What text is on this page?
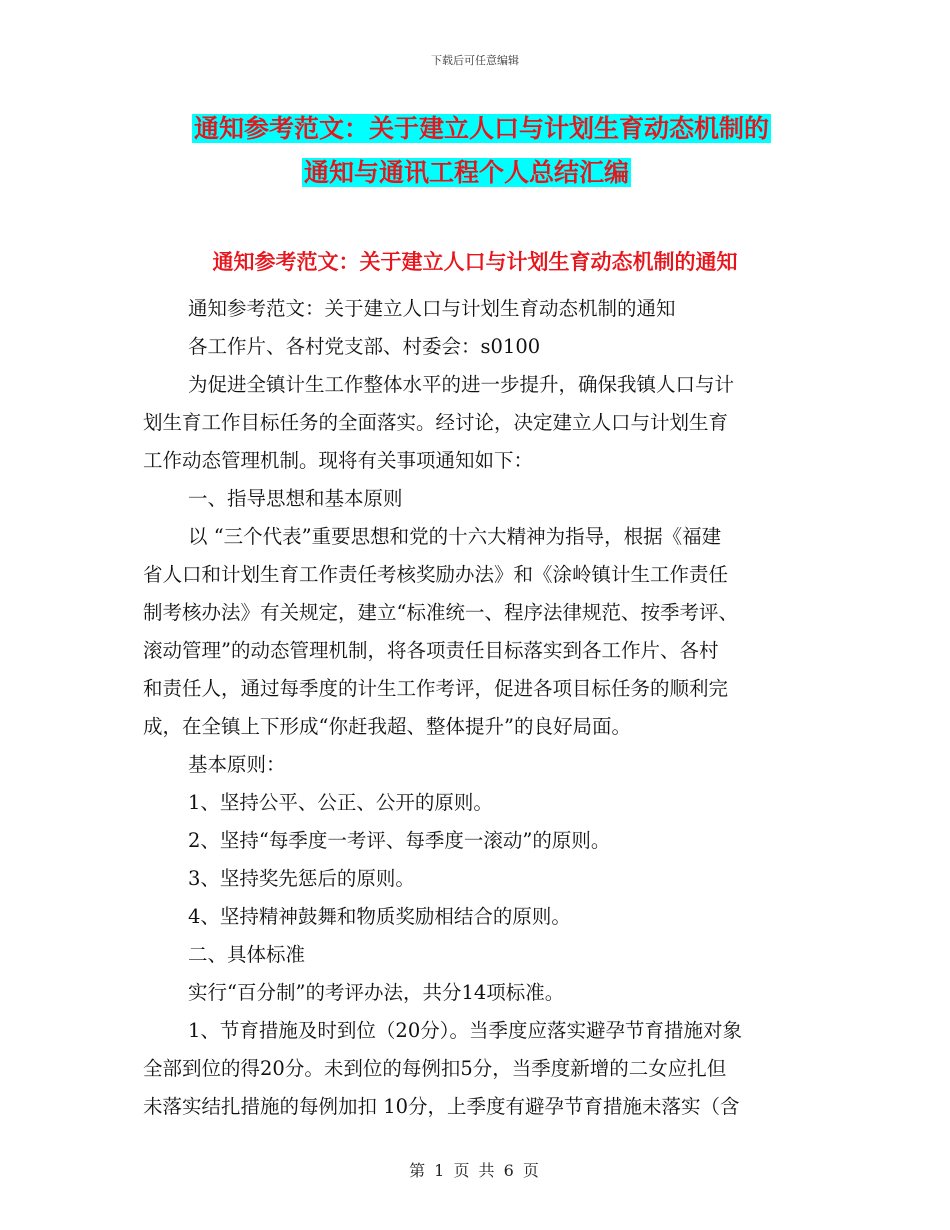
下载后可任意编辑
通知参考范文：关于建立人口与计划生育动态机制的
通知与通讯工程个人总结汇编
通知参考范文：关于建立人口与计划生育动态机制的通知

通知参考范文：关于建立人口与计划生育动态机制的通知

各工作片、各村党支部、村委会：s0100

为促进全镇计生工作整体水平的进一步提升，确保我镇人口与计

划生育工作目标任务的全面落实。经讨论，决定建立人口与计划生育

工作动态管理机制。现将有关事项通知如下：

一、指导思想和基本原则

以 “三个代表”重要思想和党的十六大精神为指导，根据《福建

省人口和计划生育工作责任考核奖励办法》和《涂岭镇计生工作责任

制考核办法》有关规定，建立“标准统一、程序法律规范、按季考评、

滚动管理”的动态管理机制，将各项责任目标落实到各工作片、各村

和责任人，通过每季度的计生工作考评，促进各项目标任务的顺利完

成，在全镇上下形成“你赶我超、整体提升”的良好局面。

基本原则：

1、坚持公平、公正、公开的原则。

2、坚持“每季度一考评、每季度一滚动”的原则。

3、坚持奖先惩后的原则。

4、坚持精神鼓舞和物质奖励相结合的原则。

二、具体标准

实行“百分制”的考评办法，共分14项标准。

1、节育措施及时到位（20分）。当季度应落实避孕节育措施对象

全部到位的得20分。未到位的每例扣5分，当季度新增的二女应扎但

未落实结扎措施的每例加扣 10分，上季度有避孕节育措施未落实（含

第 1 页 共 6 页
